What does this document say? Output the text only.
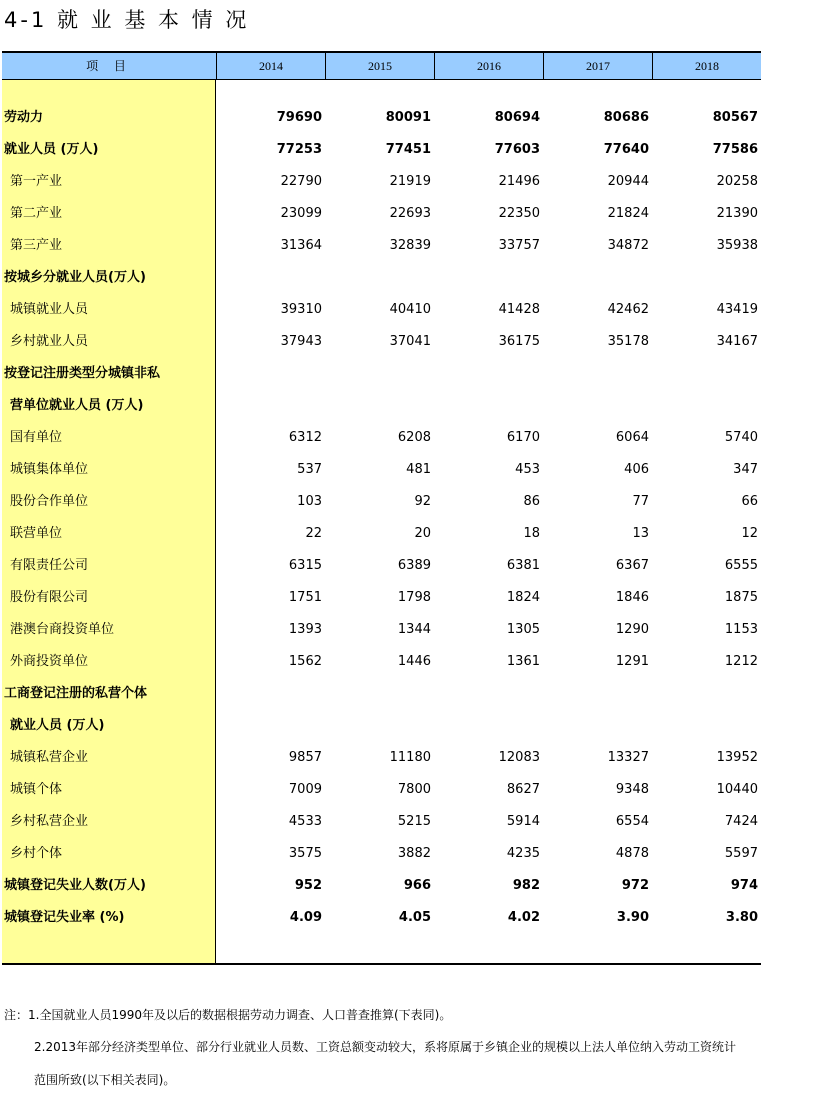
4-1 就 业 基 本 情 况
项 目	2014	2015	2016	2017	2018
劳动力	79690	80091	80694	80686	80567
就业人员 (万人)	77253	77451	77603	77640	77586
第一产业	22790	21919	21496	20944	20258
第二产业	23099	22693	22350	21824	21390
第三产业	31364	32839	33757	34872	35938
按城乡分就业人员(万人)
城镇就业人员	39310	40410	41428	42462	43419
乡村就业人员	37943	37041	36175	35178	34167
按登记注册类型分城镇非私
营单位就业人员 (万人)
国有单位	6312	6208	6170	6064	5740
城镇集体单位	537	481	453	406	347
股份合作单位	103	92	86	77	66
联营单位	22	20	18	13	12
有限责任公司	6315	6389	6381	6367	6555
股份有限公司	1751	1798	1824	1846	1875
港澳台商投资单位	1393	1344	1305	1290	1153
外商投资单位	1562	1446	1361	1291	1212
工商登记注册的私营个体
就业人员 (万人)
城镇私营企业	9857	11180	12083	13327	13952
城镇个体	7009	7800	8627	9348	10440
乡村私营企业	4533	5215	5914	6554	7424
乡村个体	3575	3882	4235	4878	5597
城镇登记失业人数(万人)	952	966	982	972	974
城镇登记失业率 (%)	4.09	4.05	4.02	3.90	3.80
注：1.全国就业人员1990年及以后的数据根据劳动力调查、人口普查推算(下表同)。
2.2013年部分经济类型单位、部分行业就业人员数、工资总额变动较大，系将原属于乡镇企业的规模以上法人单位纳入劳动工资统计
范围所致(以下相关表同)。
